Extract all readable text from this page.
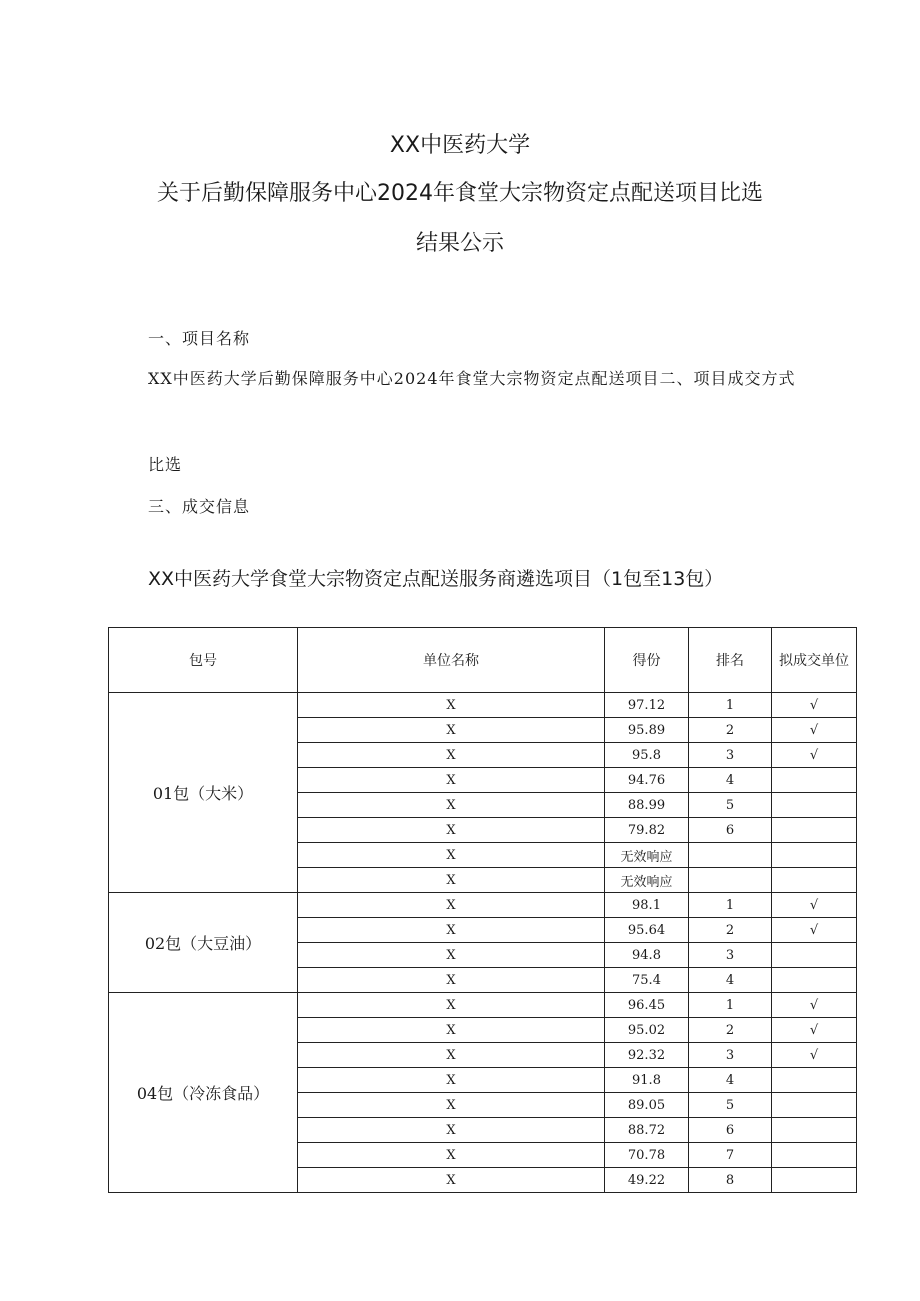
XX中医药大学
关于后勤保障服务中心2024年食堂大宗物资定点配送项目比选
结果公示
一、项目名称
XX中医药大学后勤保障服务中心2024年食堂大宗物资定点配送项目二、项目成交方式
比选
三、成交信息
XX中医药大学食堂大宗物资定点配送服务商遴选项目（1包至13包）
包号	单位名称	得份	排名	拟成交单位
01包（大米）	X	97.12	1	√
	X	95.89	2	√
	X	95.8	3	√
	X	94.76	4	
	X	88.99	5	
	X	79.82	6	
	X	无效响应		
	X	无效响应		
02包（大豆油）	X	98.1	1	√
	X	95.64	2	√
	X	94.8	3	
	X	75.4	4	
04包（冷冻食品）	X	96.45	1	√
	X	95.02	2	√
	X	92.32	3	√
	X	91.8	4	
	X	89.05	5	
	X	88.72	6	
	X	70.78	7	
	X	49.22	8	
